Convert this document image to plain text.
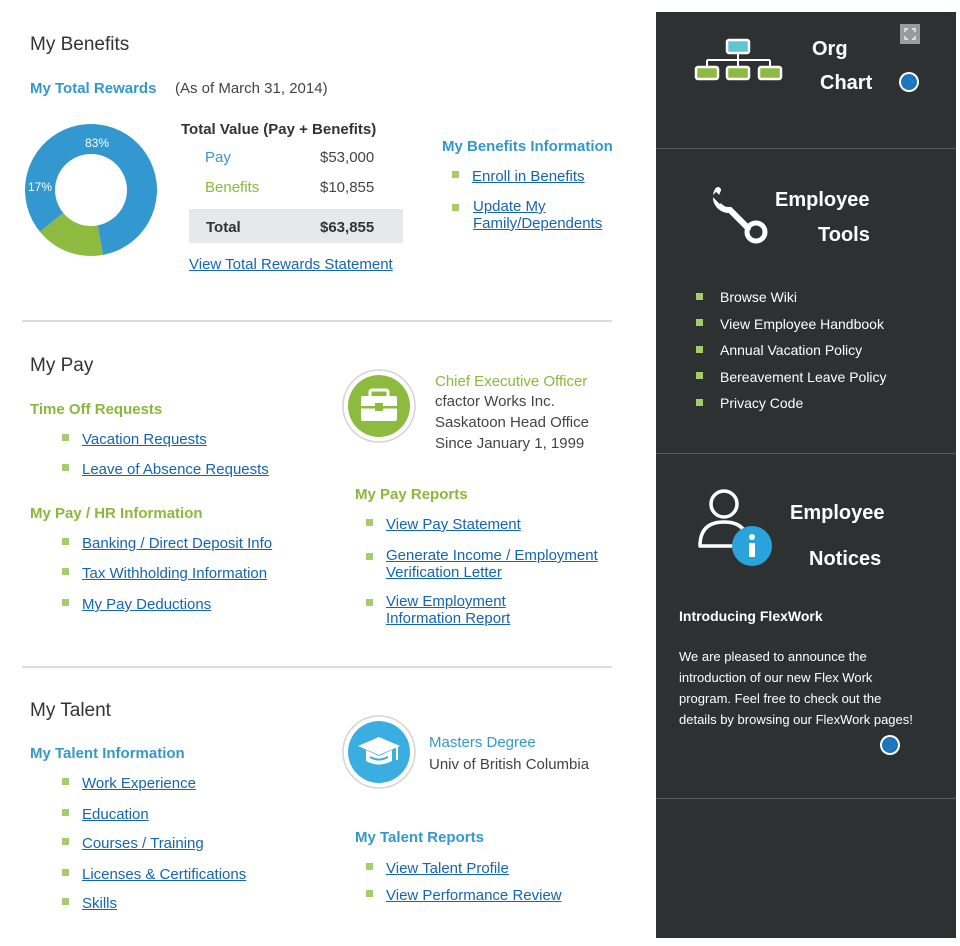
My Benefits
My Total Rewards (As of March 31, 2014)
83%
17%
Total Value (Pay + Benefits)
Pay	$53,000
Benefits	$10,855
Total	$63,855
View Total Rewards Statement
My Benefits Information
Enroll in Benefits
Update My Family/Dependents
My Pay
Time Off Requests
Vacation Requests
Leave of Absence Requests
My Pay / HR Information
Banking / Direct Deposit Info
Tax Withholding Information
My Pay Deductions
Chief Executive Officer
cfactor Works Inc.
Saskatoon Head Office
Since January 1, 1999
My Pay Reports
View Pay Statement
Generate Income / Employment Verification Letter
View Employment Information Report
My Talent
My Talent Information
Work Experience
Education
Courses / Training
Licenses & Certifications
Skills
Masters Degree
Univ of British Columbia
My Talent Reports
View Talent Profile
View Performance Review
Org
Chart
Employee
Tools
Browse Wiki
View Employee Handbook
Annual Vacation Policy
Bereavement Leave Policy
Privacy Code
Employee
Notices
Introducing FlexWork
We are pleased to announce the introduction of our new Flex Work program. Feel free to check out the details by browsing our FlexWork pages!
